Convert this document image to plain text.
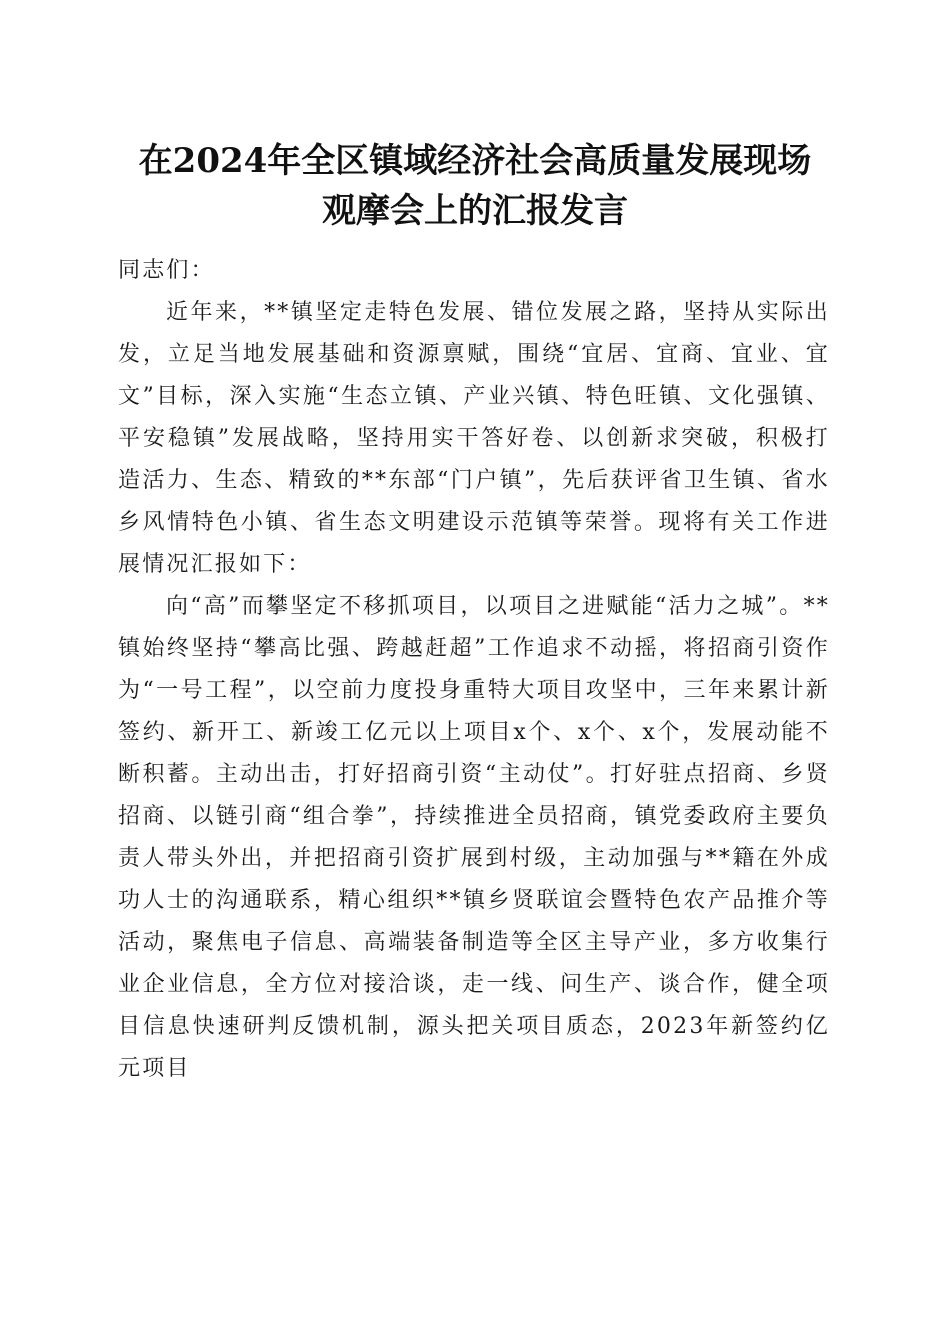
在2024年全区镇域经济社会高质量发展现场
观摩会上的汇报发言

同志们：

近年来，**镇坚定走特色发展、错位发展之路，坚持从实际出发，立足当地发展基础和资源禀赋，围绕“宜居、宜商、宜业、宜文”目标，深入实施“生态立镇、产业兴镇、特色旺镇、文化强镇、平安稳镇”发展战略，坚持用实干答好卷、以创新求突破，积极打造活力、生态、精致的**东部“门户镇”，先后获评省卫生镇、省水乡风情特色小镇、省生态文明建设示范镇等荣誉。现将有关工作进展情况汇报如下：

向“高”而攀坚定不移抓项目，以项目之进赋能“活力之城”。**镇始终坚持“攀高比强、跨越赶超”工作追求不动摇，将招商引资作为“一号工程”，以空前力度投身重特大项目攻坚中，三年来累计新签约、新开工、新竣工亿元以上项目x个、x个、x个，发展动能不断积蓄。主动出击，打好招商引资“主动仗”。打好驻点招商、乡贤招商、以链引商“组合拳”，持续推进全员招商，镇党委政府主要负责人带头外出，并把招商引资扩展到村级，主动加强与**籍在外成功人士的沟通联系，精心组织**镇乡贤联谊会暨特色农产品推介等活动，聚焦电子信息、高端装备制造等全区主导产业，多方收集行业企业信息，全方位对接洽谈，走一线、问生产、谈合作，健全项目信息快速研判反馈机制，源头把关项目质态，2023年新签约亿元项目
